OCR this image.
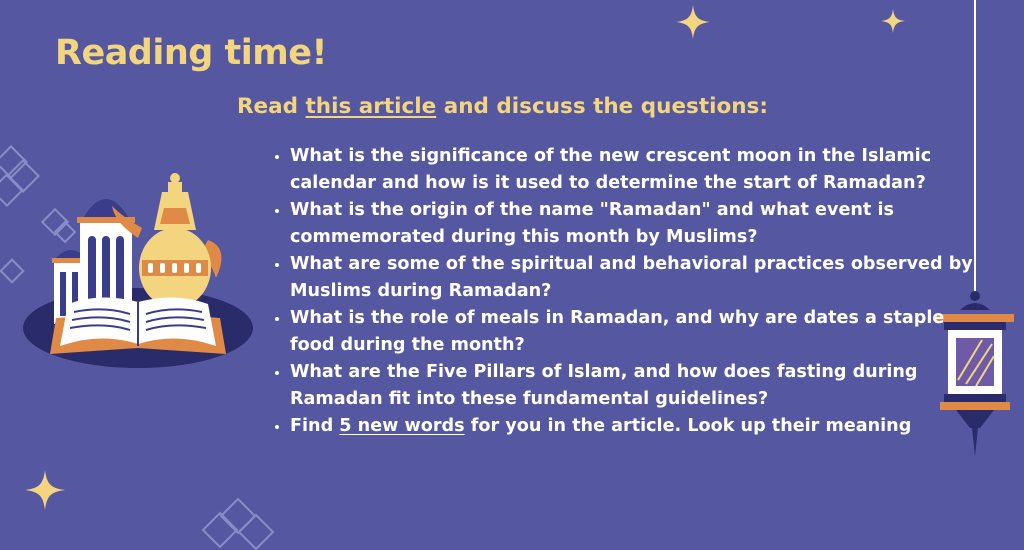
Reading time!

Read this article and discuss the questions:

• What is the significance of the new crescent moon in the Islamic calendar and how is it used to determine the start of Ramadan?
• What is the origin of the name "Ramadan" and what event is commemorated during this month by Muslims?
• What are some of the spiritual and behavioral practices observed by Muslims during Ramadan?
• What is the role of meals in Ramadan, and why are dates a staple food during the month?
• What are the Five Pillars of Islam, and how does fasting during Ramadan fit into these fundamental guidelines?
• Find 5 new words for you in the article. Look up their meaning
